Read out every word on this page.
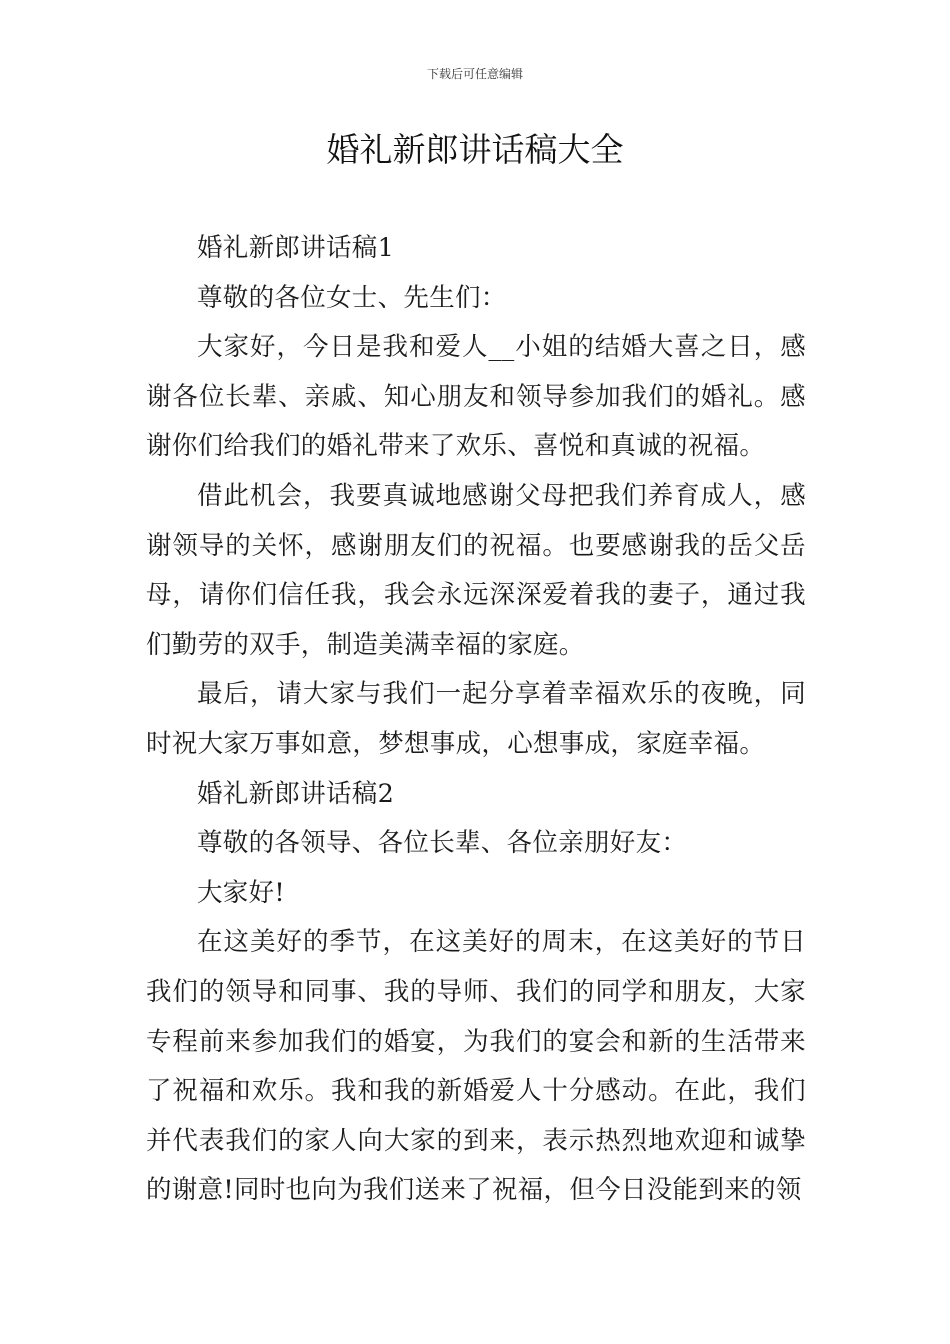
下载后可任意编辑
婚礼新郎讲话稿大全

婚礼新郎讲话稿1

尊敬的各位女士、先生们：

大家好，今日是我和爱人__小姐的结婚大喜之日，感谢各位长辈、亲戚、知心朋友和领导参加我们的婚礼。感谢你们给我们的婚礼带来了欢乐、喜悦和真诚的祝福。

借此机会，我要真诚地感谢父母把我们养育成人，感谢领导的关怀，感谢朋友们的祝福。也要感谢我的岳父岳母，请你们信任我，我会永远深深爱着我的妻子，通过我们勤劳的双手，制造美满幸福的家庭。

最后，请大家与我们一起分享着幸福欢乐的夜晚，同时祝大家万事如意，梦想事成，心想事成，家庭幸福。

婚礼新郎讲话稿2

尊敬的各领导、各位长辈、各位亲朋好友：

大家好!

在这美好的季节，在这美好的周末，在这美好的节日我们的领导和同事、我的导师、我们的同学和朋友，大家专程前来参加我们的婚宴，为我们的宴会和新的生活带来了祝福和欢乐。我和我的新婚爱人十分感动。在此，我们并代表我们的家人向大家的到来，表示热烈地欢迎和诚挚的谢意!同时也向为我们送来了祝福，但今日没能到来的领
